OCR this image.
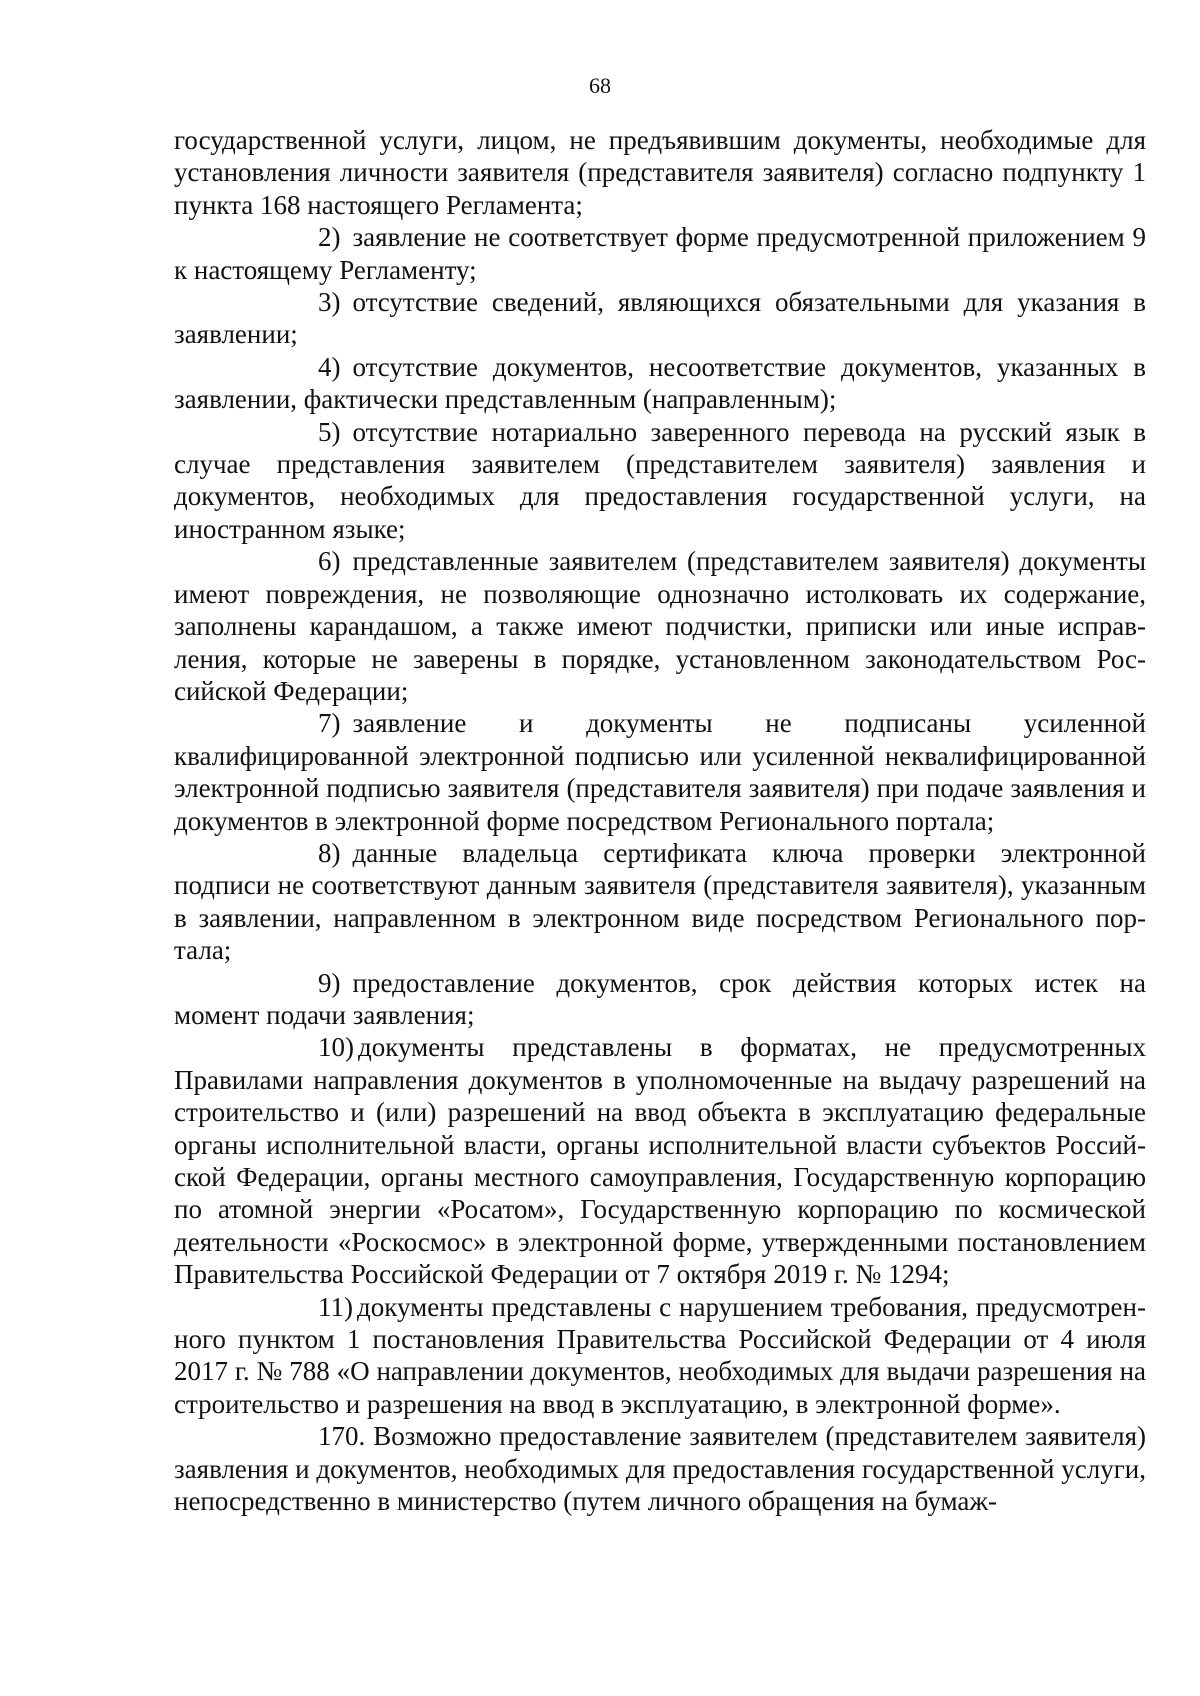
68

государственной услуги, лицом, не предъявившим документы, необходимые для установления личности заявителя (представителя заявителя) согласно подпункту 1 пункта 168 настоящего Регламента;

2) заявление не соответствует форме предусмотренной приложением 9 к настоящему Регламенту;

3) отсутствие сведений, являющихся обязательными для указания в заявлении;

4) отсутствие документов, несоответствие документов, указанных в заявлении, фактически представленным (направленным);

5) отсутствие нотариально заверенного перевода на русский язык в случае представления заявителем (представителем заявителя) заявления и документов, необходимых для предоставления государственной услуги, на иностранном языке;

6) представленные заявителем (представителем заявителя) документы имеют повреждения, не позволяющие однозначно истолковать их содержание, заполнены карандашом, а также имеют подчистки, приписки или иные исправления, которые не заверены в порядке, установленном законодательством Российской Федерации;

7) заявление и документы не подписаны усиленной квалифицированной электронной подписью или усиленной неквалифицированной электронной подписью заявителя (представителя заявителя) при подаче заявления и документов в электронной форме посредством Регионального портала;

8) данные владельца сертификата ключа проверки электронной подписи не соответствуют данным заявителя (представителя заявителя), указанным в заявлении, направленном в электронном виде посредством Регионального портала;

9) предоставление документов, срок действия которых истек на момент подачи заявления;

10) документы представлены в форматах, не предусмотренных Правилами направления документов в уполномоченные на выдачу разрешений на строительство и (или) разрешений на ввод объекта в эксплуатацию федеральные органы исполнительной власти, органы исполнительной власти субъектов Российской Федерации, органы местного самоуправления, Государственную корпорацию по атомной энергии «Росатом», Государственную корпорацию по космической деятельности «Роскосмос» в электронной форме, утвержденными постановлением Правительства Российской Федерации от 7 октября 2019 г. № 1294;

11) документы представлены с нарушением требования, предусмотренного пунктом 1 постановления Правительства Российской Федерации от 4 июля 2017 г. № 788 «О направлении документов, необходимых для выдачи разрешения на строительство и разрешения на ввод в эксплуатацию, в электронной форме».

170. Возможно предоставление заявителем (представителем заявителя) заявления и документов, необходимых для предоставления государственной услуги, непосредственно в министерство (путем личного обращения на бумаж-
